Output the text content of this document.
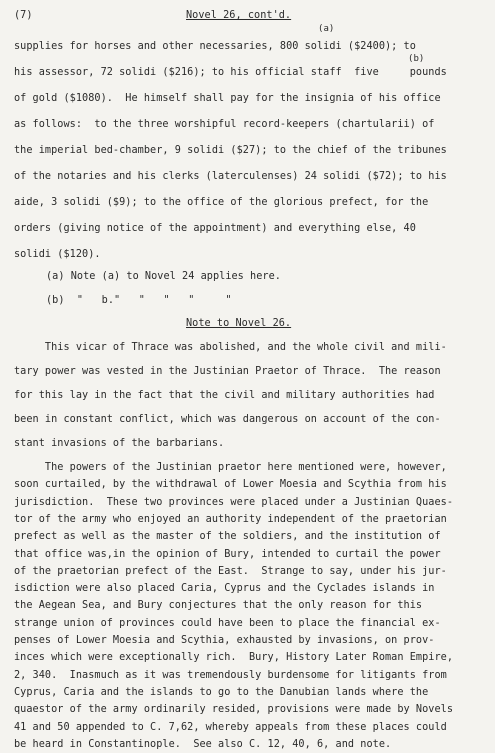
(7)	Novel 26, cont'd.
(a)
(b)
supplies for horses and other necessaries, 800 solidi ($2400); to
his assessor, 72 solidi ($216); to his official staff  five     pounds
of gold ($1080).  He himself shall pay for the insignia of his office
as follows:  to the three worshipful record-keepers (chartularii) of
the imperial bed-chamber, 9 solidi ($27); to the chief of the tribunes
of the notaries and his clerks (laterculenses) 24 solidi ($72); to his
aide, 3 solidi ($9); to the office of the glorious prefect, for the
orders (giving notice of the appointment) and everything else, 40
solidi ($120).
(a) Note (a) to Novel 24 applies here.
(b)  "   b."   "   "   "     "
Note to Novel 26.
This vicar of Thrace was abolished, and the whole civil and mili-
tary power was vested in the Justinian Praetor of Thrace.  The reason
for this lay in the fact that the civil and military authorities had
been in constant conflict, which was dangerous on account of the con-
stant invasions of the barbarians.
The powers of the Justinian praetor here mentioned were, however,
soon curtailed, by the withdrawal of Lower Moesia and Scythia from his
jurisdiction.  These two provinces were placed under a Justinian Quaes-
tor of the army who enjoyed an authority independent of the praetorian
prefect as well as the master of the soldiers, and the institution of
that office was,in the opinion of Bury, intended to curtail the power
of the praetorian prefect of the East.  Strange to say, under his jur-
isdiction were also placed Caria, Cyprus and the Cyclades islands in
the Aegean Sea, and Bury conjectures that the only reason for this
strange union of provinces could have been to place the financial ex-
penses of Lower Moesia and Scythia, exhausted by invasions, on prov-
inces which were exceptionally rich.  Bury, History Later Roman Empire,
2, 340.  Inasmuch as it was tremendously burdensome for litigants from
Cyprus, Caria and the islands to go to the Danubian lands where the
quaestor of the army ordinarily resided, provisions were made by Novels
41 and 50 appended to C. 7,62, whereby appeals from these places could
be heard in Constantinople.  See also C. 12, 40, 6, and note.
